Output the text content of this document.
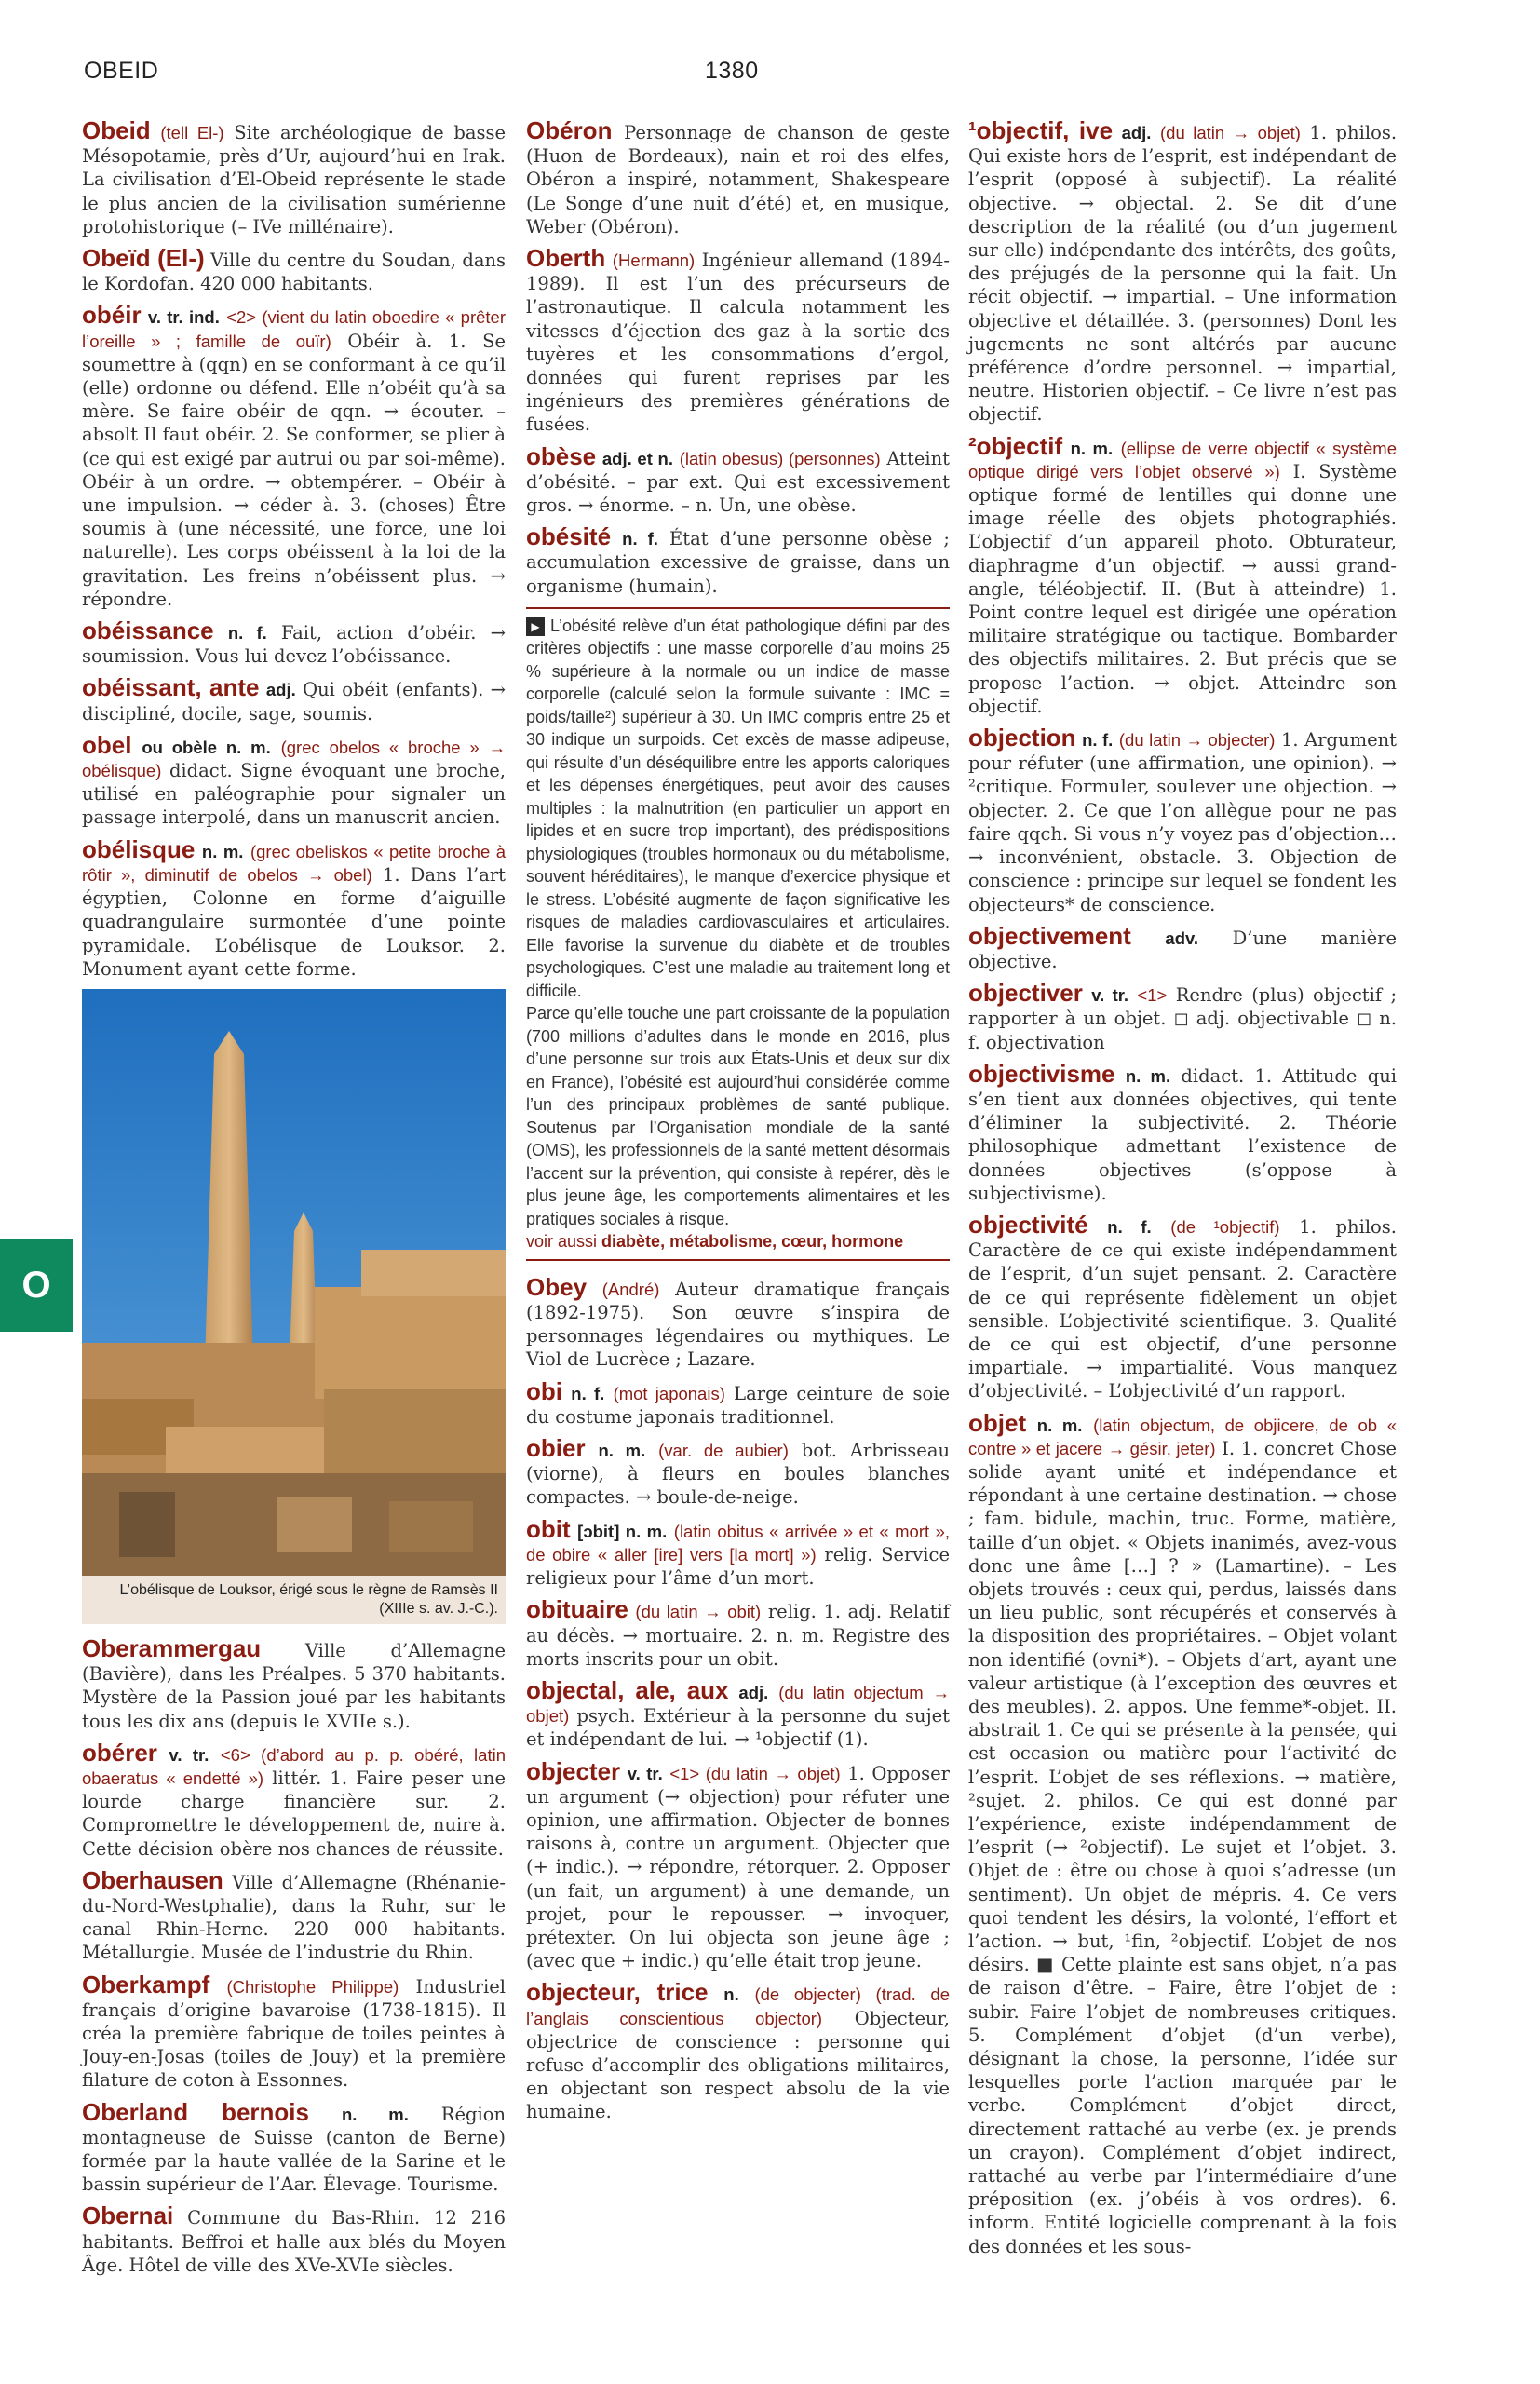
OBEID	1380
O

Obeid (tell El-) Site archéologique de basse Mésopotamie, près d’Ur, aujourd’hui en Irak. La civilisation d’El-Obeid représente le stade le plus ancien de la civilisation sumérienne protohistorique (– IVe millénaire).

Obeïd (El-) Ville du centre du Soudan, dans le Kordofan. 420 000 habitants.

obéir v. tr. ind. <2> (vient du latin oboedire « prêter l’oreille » ; famille de ouïr) Obéir à. 1. Se soumettre à (qqn) en se conformant à ce qu’il (elle) ordonne ou défend. Elle n’obéit qu’à sa mère. Se faire obéir de qqn. → écouter. – absolt Il faut obéir. 2. Se conformer, se plier à (ce qui est exigé par autrui ou par soi-même). Obéir à un ordre. → obtempérer. – Obéir à une impulsion. → céder à. 3. (choses) Être soumis à (une nécessité, une force, une loi naturelle). Les corps obéissent à la loi de la gravitation. Les freins n’obéissent plus. → répondre.

obéissance n. f. Fait, action d’obéir. → soumission. Vous lui devez l’obéissance.

obéissant, ante adj. Qui obéit (enfants). → discipliné, docile, sage, soumis.

obel ou obèle n. m. (grec obelos « broche » → obélisque) didact. Signe évoquant une broche, utilisé en paléographie pour signaler un passage interpolé, dans un manuscrit ancien.

obélisque n. m. (grec obeliskos « petite broche à rôtir », diminutif de obelos → obel) 1. Dans l’art égyptien, Colonne en forme d’aiguille quadrangulaire surmontée d’une pointe pyramidale. L’obélisque de Louksor. 2. Monument ayant cette forme.

L’obélisque de Louksor, érigé sous le règne de Ramsès II (XIIIe s. av. J.-C.).

Oberammergau Ville d’Allemagne (Bavière), dans les Préalpes. 5 370 habitants. Mystère de la Passion joué par les habitants tous les dix ans (depuis le XVIIe s.).

obérer v. tr. <6> (d’abord au p. p. obéré, latin obaeratus « endetté ») littér. 1. Faire peser une lourde charge financière sur. 2. Compromettre le développement de, nuire à. Cette décision obère nos chances de réussite.

Oberhausen Ville d’Allemagne (Rhénanie-du-Nord-Westphalie), dans la Ruhr, sur le canal Rhin-Herne. 220 000 habitants. Métallurgie. Musée de l’industrie du Rhin.

Oberkampf (Christophe Philippe) Industriel français d’origine bavaroise (1738-1815). Il créa la première fabrique de toiles peintes à Jouy-en-Josas (toiles de Jouy) et la première filature de coton à Essonnes.

Oberland bernois n. m. Région montagneuse de Suisse (canton de Berne) formée par la haute vallée de la Sarine et le bassin supérieur de l’Aar. Élevage. Tourisme.

Obernai Commune du Bas-Rhin. 12 216 habitants. Beffroi et halle aux blés du Moyen Âge. Hôtel de ville des XVe-XVIe siècles.

Obéron Personnage de chanson de geste (Huon de Bordeaux), nain et roi des elfes, Obéron a inspiré, notamment, Shakespeare (Le Songe d’une nuit d’été) et, en musique, Weber (Obéron).

Oberth (Hermann) Ingénieur allemand (1894-1989). Il est l’un des précurseurs de l’astronautique. Il calcula notamment les vitesses d’éjection des gaz à la sortie des tuyères et les consommations d’ergol, données qui furent reprises par les ingénieurs des premières générations de fusées.

obèse adj. et n. (latin obesus) (personnes) Atteint d’obésité. – par ext. Qui est excessivement gros. → énorme. – n. Un, une obèse.

obésité n. f. État d’une personne obèse ; accumulation excessive de graisse, dans un organisme (humain).

▶ L’obésité relève d’un état pathologique défini par des critères objectifs : une masse corporelle d’au moins 25 % supérieure à la normale ou un indice de masse corporelle (calculé selon la formule suivante : IMC = poids/taille²) supérieur à 30. Un IMC compris entre 25 et 30 indique un surpoids. Cet excès de masse adipeuse, qui résulte d’un déséquilibre entre les apports caloriques et les dépenses énergétiques, peut avoir des causes multiples : la malnutrition (en particulier un apport en lipides et en sucre trop important), des prédispositions physiologiques (troubles hormonaux ou du métabolisme, souvent héréditaires), le manque d’exercice physique et le stress. L’obésité augmente de façon significative les risques de maladies cardiovasculaires et articulaires. Elle favorise la survenue du diabète et de troubles psychologiques. C’est une maladie au traitement long et difficile.
Parce qu’elle touche une part croissante de la population (700 millions d’adultes dans le monde en 2016, plus d’une personne sur trois aux États-Unis et deux sur dix en France), l’obésité est aujourd’hui considérée comme l’un des principaux problèmes de santé publique. Soutenus par l’Organisation mondiale de la santé (OMS), les professionnels de la santé mettent désormais l’accent sur la prévention, qui consiste à repérer, dès le plus jeune âge, les comportements alimentaires et les pratiques sociales à risque.
voir aussi diabète, métabolisme, cœur, hormone

Obey (André) Auteur dramatique français (1892-1975). Son œuvre s’inspira de personnages légendaires ou mythiques. Le Viol de Lucrèce ; Lazare.

obi n. f. (mot japonais) Large ceinture de soie du costume japonais traditionnel.

obier n. m. (var. de aubier) bot. Arbrisseau (viorne), à fleurs en boules blanches compactes. → boule-de-neige.

obit [ɔbit] n. m. (latin obitus « arrivée » et « mort », de obire « aller [ire] vers [la mort] ») relig. Service religieux pour l’âme d’un mort.

obituaire (du latin → obit) relig. 1. adj. Relatif au décès. → mortuaire. 2. n. m. Registre des morts inscrits pour un obit.

objectal, ale, aux adj. (du latin objectum → objet) psych. Extérieur à la personne du sujet et indépendant de lui. → ¹objectif (1).

objecter v. tr. <1> (du latin → objet) 1. Opposer un argument (→ objection) pour réfuter une opinion, une affirmation. Objecter de bonnes raisons à, contre un argument. Objecter que (+ indic.). → répondre, rétorquer. 2. Opposer (un fait, un argument) à une demande, un projet, pour le repousser. → invoquer, prétexter. On lui objecta son jeune âge ; (avec que + indic.) qu’elle était trop jeune.

objecteur, trice n. (de objecter) (trad. de l’anglais conscientious objector) Objecteur, objectrice de conscience : personne qui refuse d’accomplir des obligations militaires, en objectant son respect absolu de la vie humaine.

¹objectif, ive adj. (du latin → objet) 1. philos. Qui existe hors de l’esprit, est indépendant de l’esprit (opposé à subjectif). La réalité objective. → objectal. 2. Se dit d’une description de la réalité (ou d’un jugement sur elle) indépendante des intérêts, des goûts, des préjugés de la personne qui la fait. Un récit objectif. → impartial. – Une information objective et détaillée. 3. (personnes) Dont les jugements ne sont altérés par aucune préférence d’ordre personnel. → impartial, neutre. Historien objectif. – Ce livre n’est pas objectif.

²objectif n. m. (ellipse de verre objectif « système optique dirigé vers l’objet observé ») I. Système optique formé de lentilles qui donne une image réelle des objets photographiés. L’objectif d’un appareil photo. Obturateur, diaphragme d’un objectif. → aussi grand-angle, téléobjectif. II. (But à atteindre) 1. Point contre lequel est dirigée une opération militaire stratégique ou tactique. Bombarder des objectifs militaires. 2. But précis que se propose l’action. → objet. Atteindre son objectif.

objection n. f. (du latin → objecter) 1. Argument pour réfuter (une affirmation, une opinion). → ²critique. Formuler, soulever une objection. → objecter. 2. Ce que l’on allègue pour ne pas faire qqch. Si vous n’y voyez pas d’objection… → inconvénient, obstacle. 3. Objection de conscience : principe sur lequel se fondent les objecteurs* de conscience.

objectivement adv. D’une manière objective.

objectiver v. tr. <1> Rendre (plus) objectif ; rapporter à un objet. ◻ adj. objectivable ◻ n. f. objectivation

objectivisme n. m. didact. 1. Attitude qui s’en tient aux données objectives, qui tente d’éliminer la subjectivité. 2. Théorie philosophique admettant l’existence de données objectives (s’oppose à subjectivisme).

objectivité n. f. (de ¹objectif) 1. philos. Caractère de ce qui existe indépendamment de l’esprit, d’un sujet pensant. 2. Caractère de ce qui représente fidèlement un objet sensible. L’objectivité scientifique. 3. Qualité de ce qui est objectif, d’une personne impartiale. → impartialité. Vous manquez d’objectivité. – L’objectivité d’un rapport.

objet n. m. (latin objectum, de objicere, de ob « contre » et jacere → gésir, jeter) I. 1. concret Chose solide ayant unité et indépendance et répondant à une certaine destination. → chose ; fam. bidule, machin, truc. Forme, matière, taille d’un objet. « Objets inanimés, avez-vous donc une âme […] ? » (Lamartine). – Les objets trouvés : ceux qui, perdus, laissés dans un lieu public, sont récupérés et conservés à la disposition des propriétaires. – Objet volant non identifié (ovni*). – Objets d’art, ayant une valeur artistique (à l’exception des œuvres et des meubles). 2. appos. Une femme*-objet. II. abstrait 1. Ce qui se présente à la pensée, qui est occasion ou matière pour l’activité de l’esprit. L’objet de ses réflexions. → matière, ²sujet. 2. philos. Ce qui est donné par l’expérience, existe indépendamment de l’esprit (→ ²objectif). Le sujet et l’objet. 3. Objet de : être ou chose à quoi s’adresse (un sentiment). Un objet de mépris. 4. Ce vers quoi tendent les désirs, la volonté, l’effort et l’action. → but, ¹fin, ²objectif. L’objet de nos désirs. ■ Cette plainte est sans objet, n’a pas de raison d’être. – Faire, être l’objet de : subir. Faire l’objet de nombreuses critiques. 5. Complément d’objet (d’un verbe), désignant la chose, la personne, l’idée sur lesquelles porte l’action marquée par le verbe. Complément d’objet direct, directement rattaché au verbe (ex. je prends un crayon). Complément d’objet indirect, rattaché au verbe par l’intermédiaire d’une préposition (ex. j’obéis à vos ordres). 6. inform. Entité logicielle comprenant à la fois des données et les sous-
